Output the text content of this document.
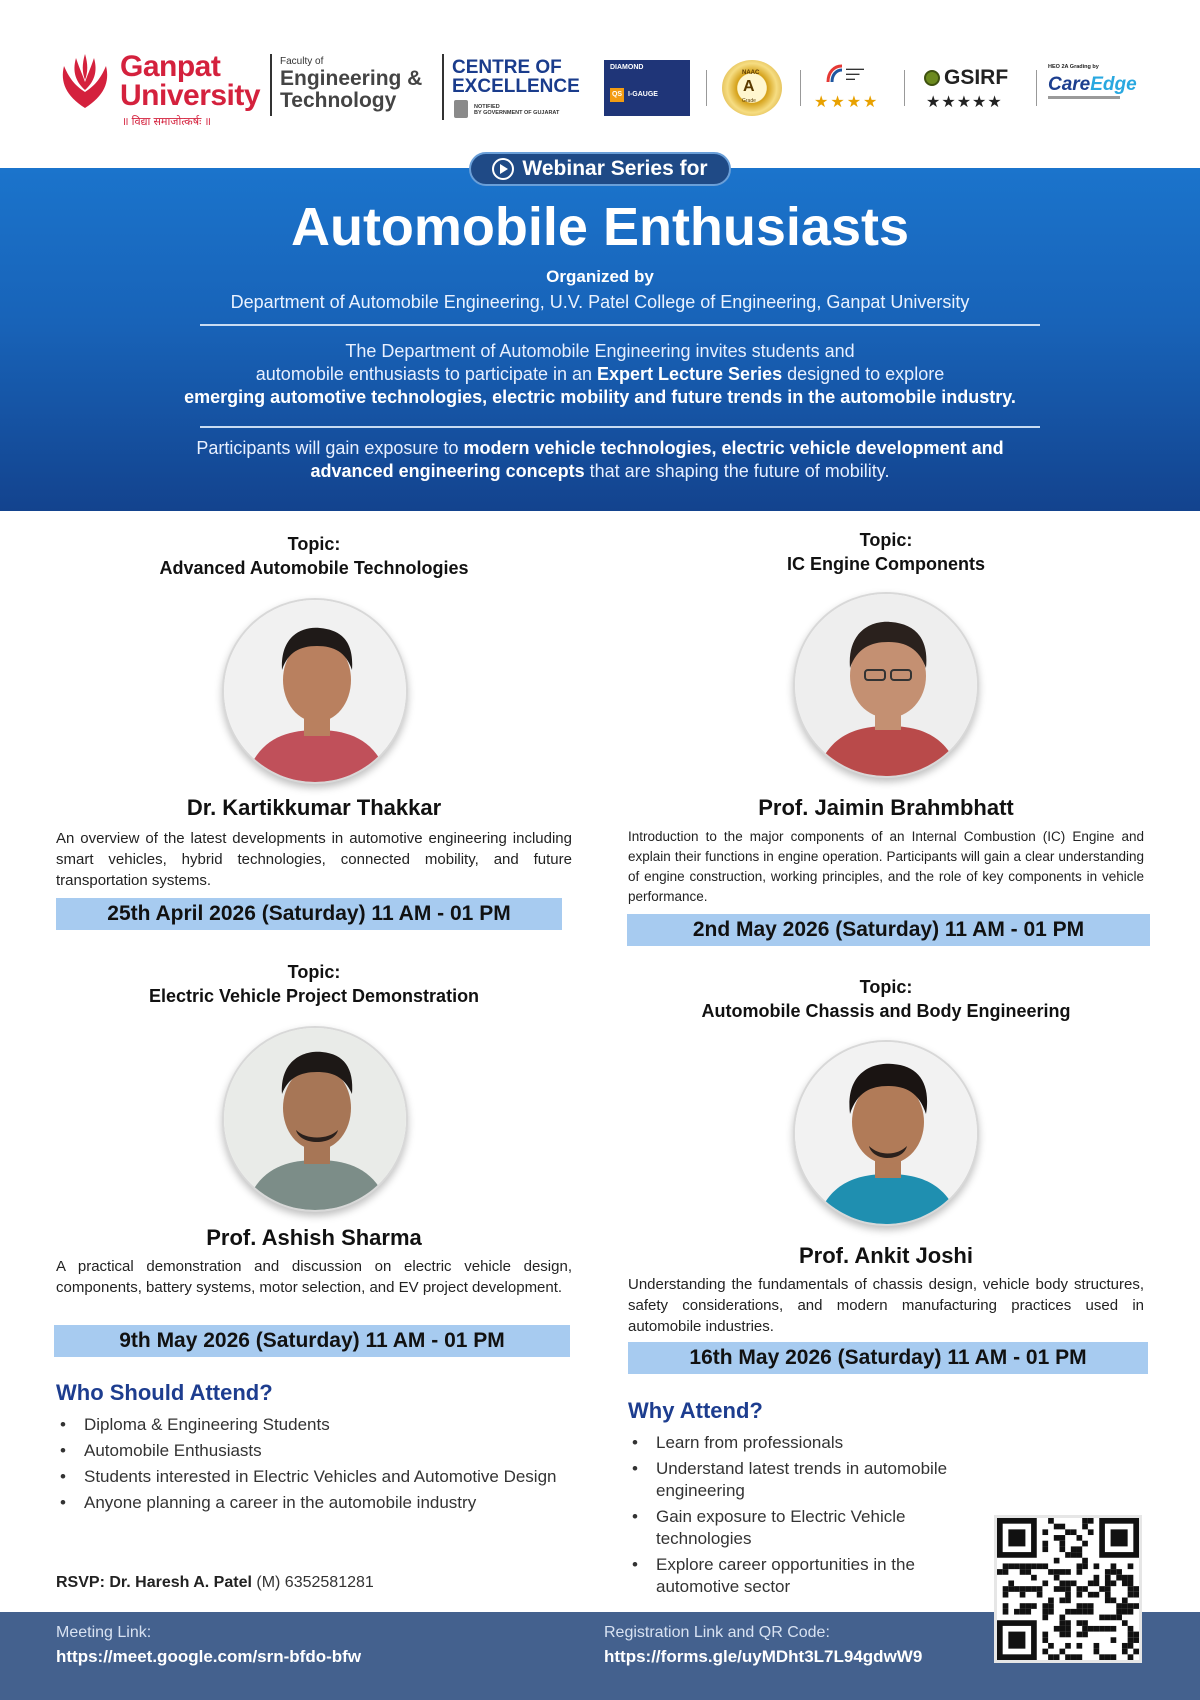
Ganpat
University
॥ विद्या समाजोत्कर्षः ॥
Faculty of
Engineering &
Technology
CENTRE OF
EXCELLENCE
NOTIFIED
BY GOVERNMENT OF GUJARAT
DIAMOND
QS I-GAUGE
NAAC
A
Grade
▬▬▬▬
▬▬▬
▬▬
★★★★
GSIRF
★★★★★
HEO 2A Grading by
CareEdge
Webinar Series for
Automobile Enthusiasts
Organized by
Department of Automobile Engineering, U.V. Patel College of Engineering, Ganpat University
The Department of Automobile Engineering invites students and
automobile enthusiasts to participate in an Expert Lecture Series designed to explore
emerging automotive technologies, electric mobility and future trends in the automobile industry.
Participants will gain exposure to modern vehicle technologies, electric vehicle development and
advanced engineering concepts that are shaping the future of mobility.
Topic:
Advanced Automobile Technologies
Dr. Kartikkumar Thakkar
An overview of the latest developments in automotive engineering including smart vehicles, hybrid technologies, connected mobility, and future transportation systems.
25th April 2026 (Saturday) 11 AM - 01 PM
Topic:
IC Engine Components
Prof. Jaimin Brahmbhatt
Introduction to the major components of an Internal Combustion (IC) Engine and explain their functions in engine operation. Participants will gain a clear understanding of engine construction, working principles, and the role of key components in vehicle performance.
2nd May 2026 (Saturday) 11 AM - 01 PM
Topic:
Electric Vehicle Project Demonstration
Prof. Ashish Sharma
A practical demonstration and discussion on electric vehicle design, components, battery systems, motor selection, and EV project development.
9th May 2026 (Saturday) 11 AM - 01 PM
Topic:
Automobile Chassis and Body Engineering
Prof. Ankit Joshi
Understanding the fundamentals of chassis design, vehicle body structures, safety considerations, and modern manufacturing practices used in automobile industries.
16th May 2026 (Saturday) 11 AM - 01 PM
Who Should Attend?
• Diploma & Engineering Students
• Automobile Enthusiasts
• Students interested in Electric Vehicles and Automotive Design
• Anyone planning a career in the automobile industry
RSVP: Dr. Haresh A. Patel (M) 6352581281
Why Attend?
• Learn from professionals
• Understand latest trends in automobile engineering
• Gain exposure to Electric Vehicle technologies
• Explore career opportunities in the automotive sector
Meeting Link:
https://meet.google.com/srn-bfdo-bfw
Registration Link and QR Code:
https://forms.gle/uyMDht3L7L94gdwW9
